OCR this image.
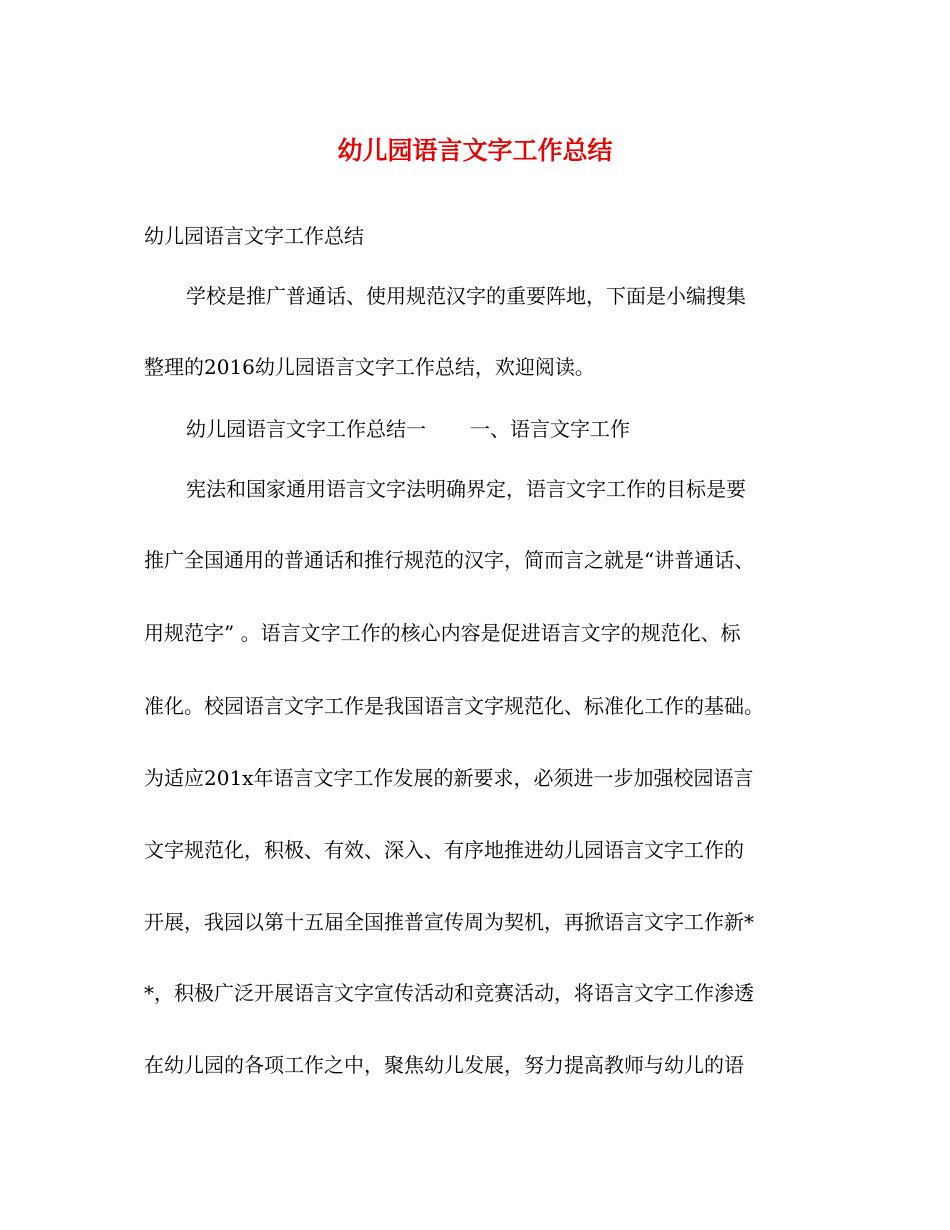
幼儿园语言文字工作总结
幼儿园语言文字工作总结
学校是推广普通话、使用规范汉字的重要阵地，下面是小编搜集
整理的2016幼儿园语言文字工作总结，欢迎阅读。
幼儿园语言文字工作总结一 一、语言文字工作
宪法和国家通用语言文字法明确界定，语言文字工作的目标是要
推广全国通用的普通话和推行规范的汉字，简而言之就是“讲普通话、
用规范字” 。语言文字工作的核心内容是促进语言文字的规范化、标
准化。校园语言文字工作是我国语言文字规范化、标准化工作的基础。
为适应201x年语言文字工作发展的新要求，必须进一步加强校园语言
文字规范化，积极、有效、深入、有序地推进幼儿园语言文字工作的
开展，我园以第十五届全国推普宣传周为契机，再掀语言文字工作新*
*，积极广泛开展语言文字宣传活动和竞赛活动，将语言文字工作渗透
在幼儿园的各项工作之中，聚焦幼儿发展，努力提高教师与幼儿的语
